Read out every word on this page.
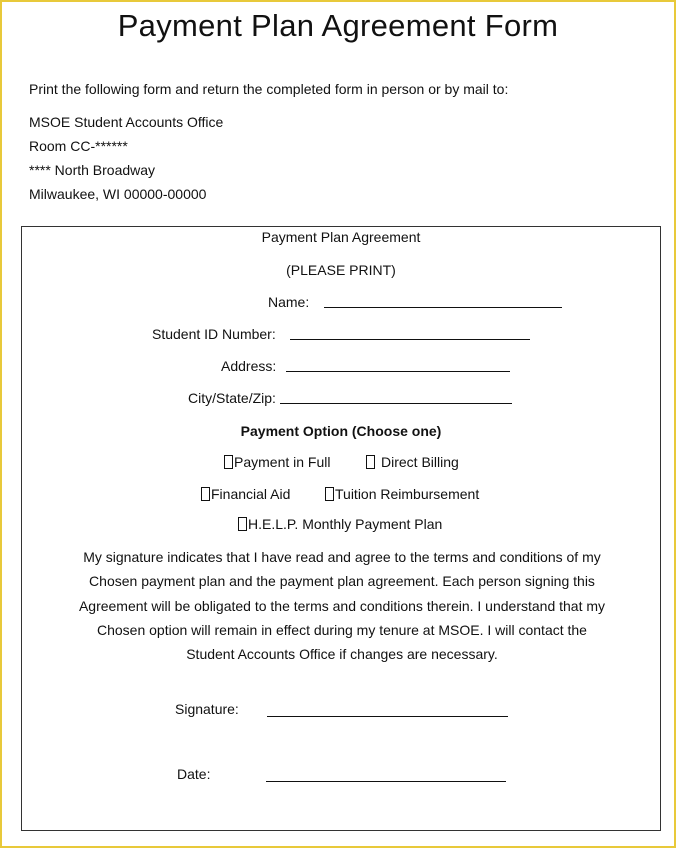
Payment Plan Agreement Form
Print the following form and return the completed form in person or by mail to:
MSOE Student Accounts Office
Room CC-******
**** North Broadway
Milwaukee, WI 00000-00000
Payment Plan Agreement
(PLEASE PRINT)
Name:
Student ID Number:
Address:
City/State/Zip:
Payment Option (Choose one)
Payment in Full	Direct Billing
Financial Aid	Tuition Reimbursement
H.E.L.P. Monthly Payment Plan
My signature indicates that I have read and agree to the terms and conditions of my
Chosen payment plan and the payment plan agreement. Each person signing this
Agreement will be obligated to the terms and conditions therein. I understand that my
Chosen option will remain in effect during my tenure at MSOE. I will contact the
Student Accounts Office if changes are necessary.
Signature:
Date:
